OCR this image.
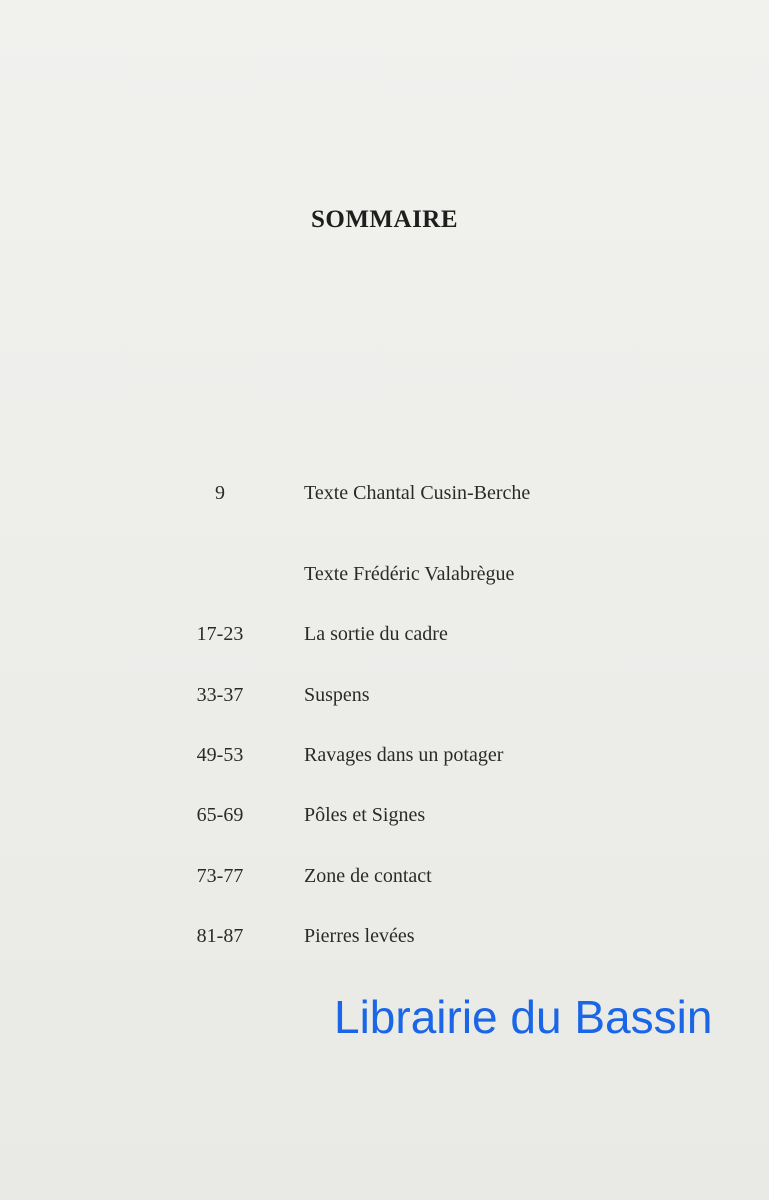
SOMMAIRE
9	Texte Chantal Cusin-Berche
Texte Frédéric Valabrègue
17-23	La sortie du cadre
33-37	Suspens
49-53	Ravages dans un potager
65-69	Pôles et Signes
73-77	Zone de contact
81-87	Pierres levées
Librairie du Bassin
